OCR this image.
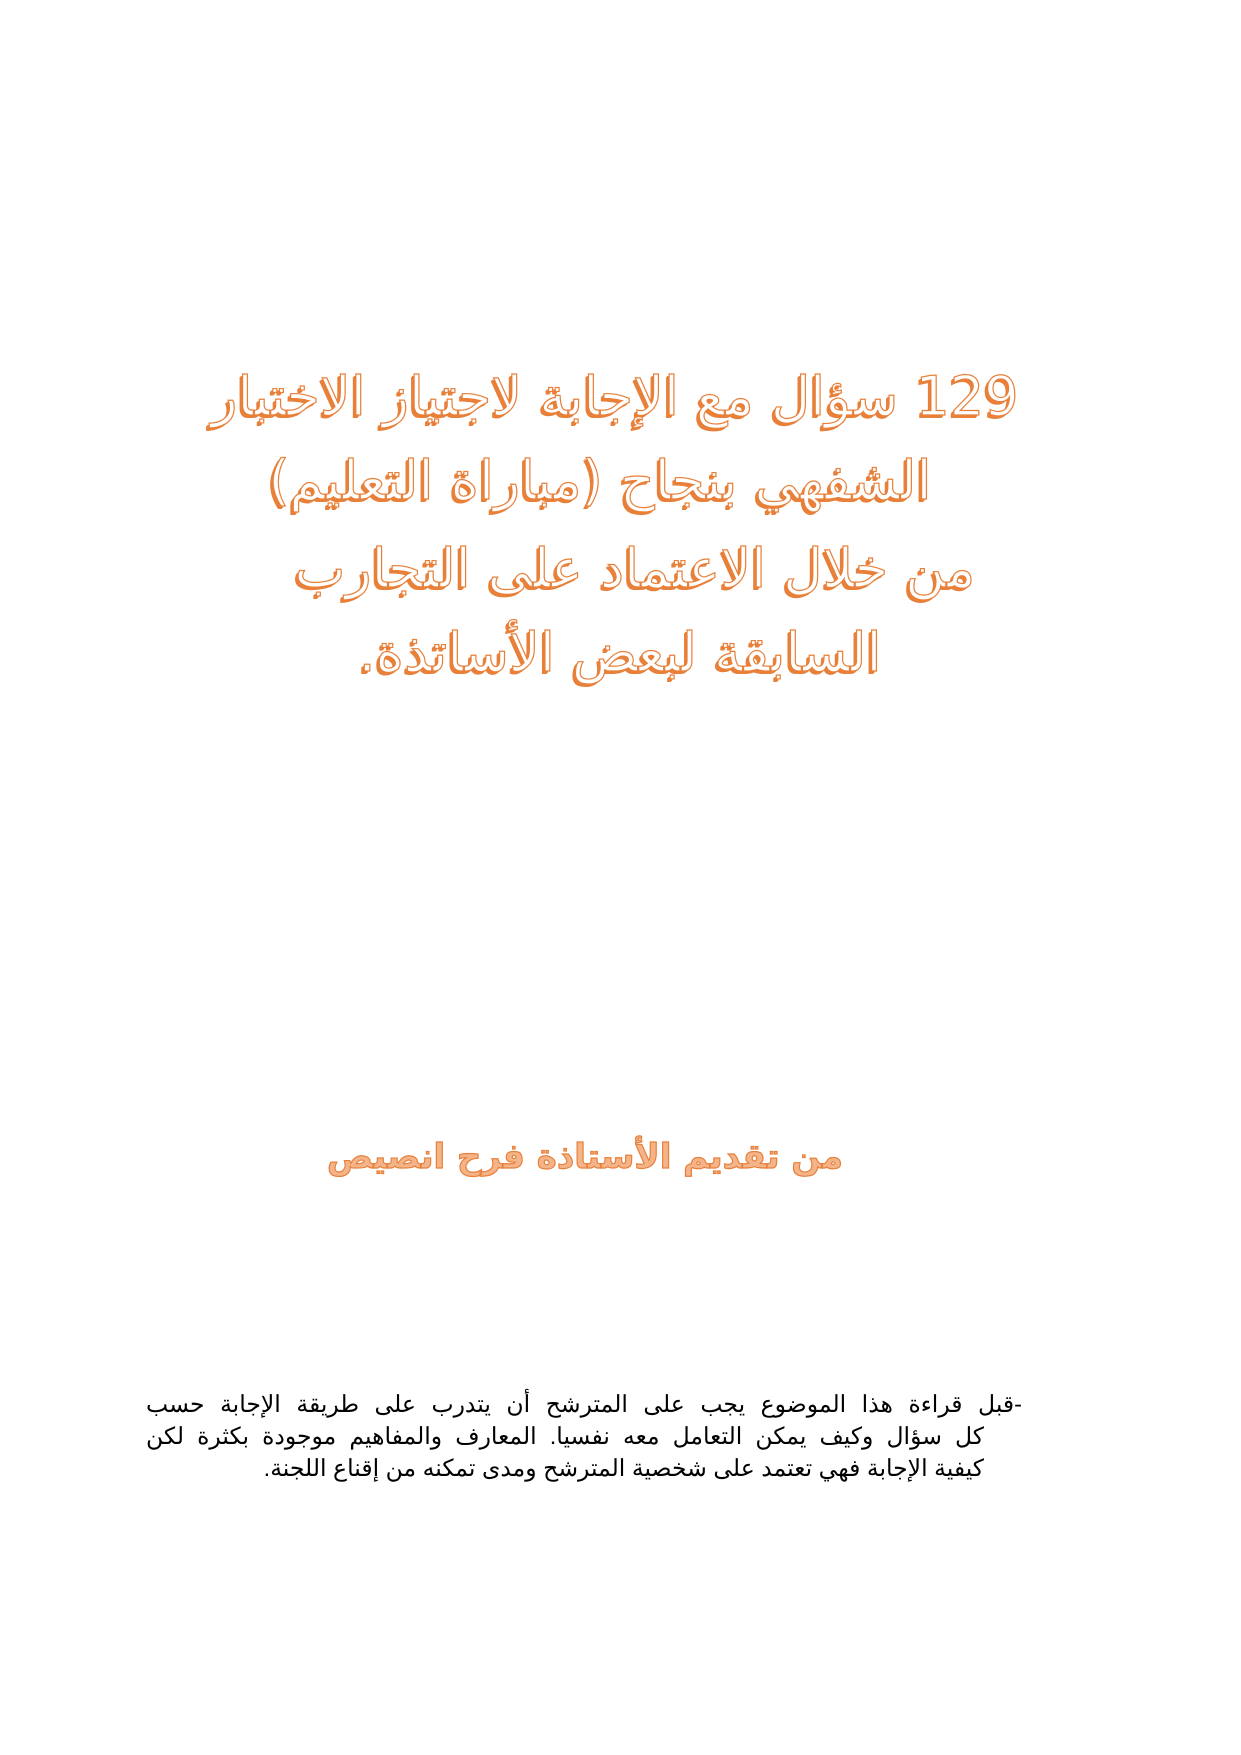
129 سؤال مع الإجابة لاجتياز الاختبار
الشفهي بنجاح (مباراة التعليم)
من خلال الاعتماد على التجارب
السابقة لبعض الأساتذة.
من تقديم الأستاذة فرح انصيص
-قبل قراءة هذا الموضوع يجب على المترشح أن يتدرب على طريقة الإجابة حسب
كل سؤال وكيف يمكن التعامل معه نفسيا. المعارف والمفاهيم موجودة بكثرة لكن
كيفية الإجابة فهي تعتمد على شخصية المترشح ومدى تمكنه من إقناع اللجنة.
